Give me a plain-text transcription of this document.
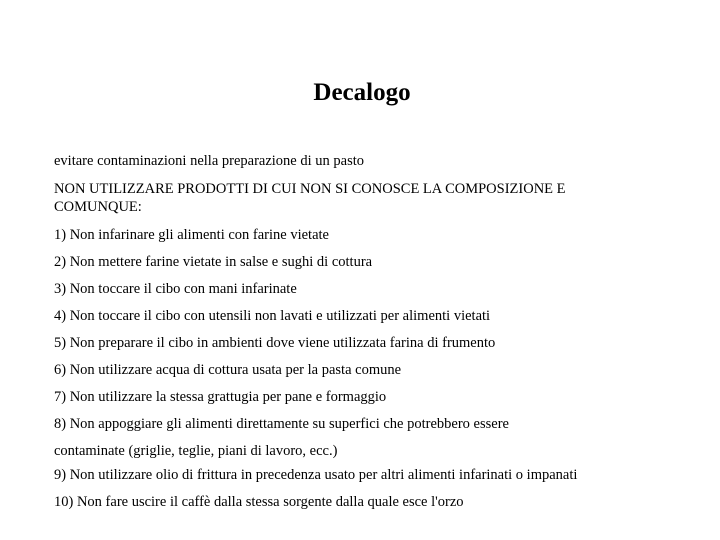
Decalogo

evitare contaminazioni nella preparazione di un pasto

NON UTILIZZARE PRODOTTI DI CUI NON SI CONOSCE LA COMPOSIZIONE E COMUNQUE:

1) Non infarinare gli alimenti con farine vietate

2) Non mettere farine vietate in salse e sughi di cottura

3) Non toccare il cibo con mani infarinate

4) Non toccare il cibo con utensili non lavati e utilizzati per alimenti vietati

5) Non preparare il cibo in ambienti dove viene utilizzata farina di frumento

6) Non utilizzare acqua di cottura usata per la pasta comune

7) Non utilizzare la stessa grattugia per pane e formaggio

8) Non appoggiare gli alimenti direttamente su superfici che potrebbero essere contaminate (griglie, teglie, piani di lavoro, ecc.)

9) Non utilizzare olio di frittura in precedenza usato per altri alimenti infarinati o impanati

10) Non fare uscire il caffè dalla stessa sorgente dalla quale esce l'orzo
